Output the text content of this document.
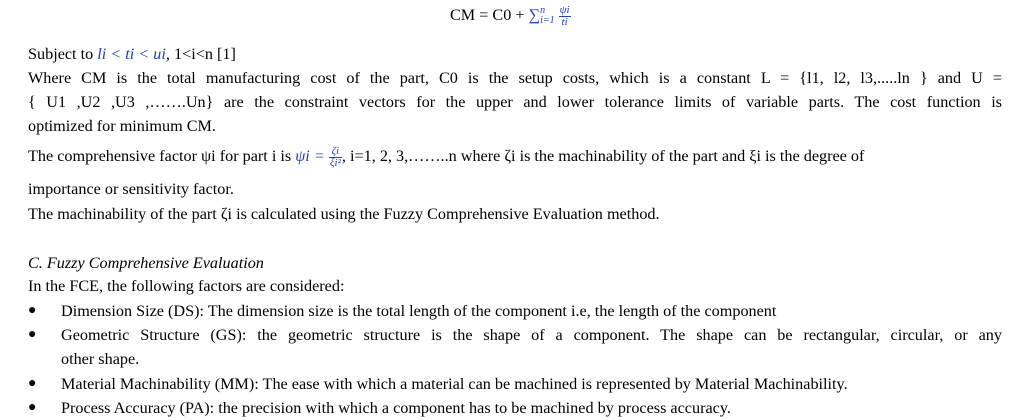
CM = C0 + ∑ n
i=1
$\frac{\psi i}{ti}$
Subject to li < ti < ui, 1<i<n [1]
Where CM is the total manufacturing cost of the part, C0 is the setup costs, which is a constant L = {l1, l2, l3,.....ln } and U =
{ U1 ,U2 ,U3 ,…….Un} are the constraint vectors for the upper and lower tolerance limits of variable parts. The cost function is
optimized for minimum CM.
The comprehensive factor ψi for part i is $\psi i = \frac{\zeta i}{\text{ξi²}}$ , i=1, 2, 3,……..n where ζi is the machinability of the part and ξi is the degree of
importance or sensitivity factor.
The machinability of the part ζi is calculated using the Fuzzy Comprehensive Evaluation method.
C. Fuzzy Comprehensive Evaluation
In the FCE, the following factors are considered:
● Dimension Size (DS): The dimension size is the total length of the component i.e, the length of the component
● Geometric Structure (GS): the geometric structure is the shape of a component. The shape can be rectangular, circular, or any
other shape.
● Material Machinability (MM): The ease with which a material can be machined is represented by Material Machinability.
● Process Accuracy (PA): the precision with which a component has to be machined by process accuracy.
